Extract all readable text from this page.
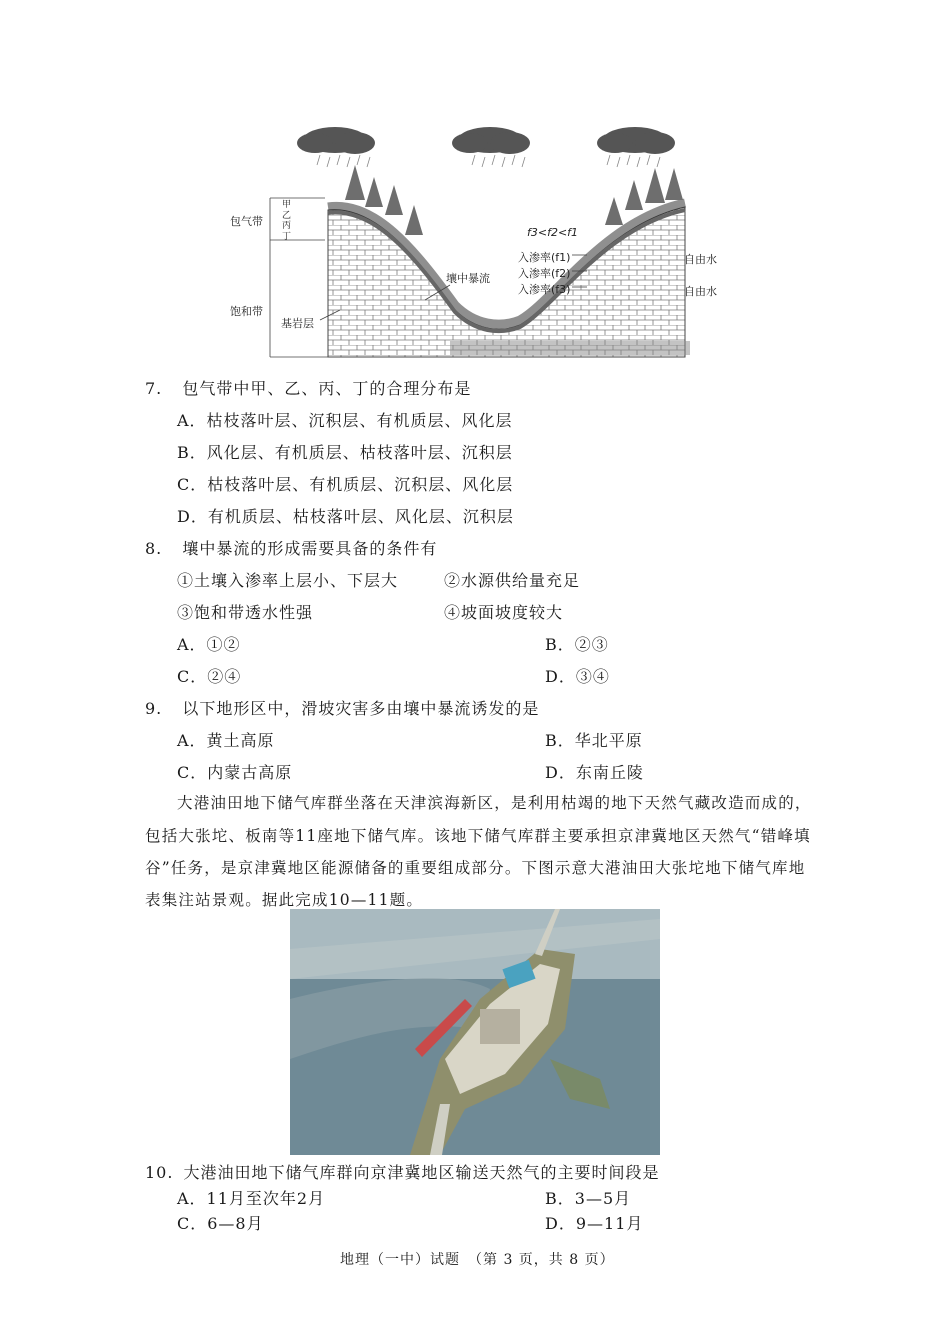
包气带
饱和带
基岩层
甲
乙
丙
丁
壤中暴流
f3<f2<f1
入渗率(f1)
入渗率(f2)
入渗率(f3)
自由水
自由水
7. 包气带中甲、乙、丙、丁的合理分布是
A．枯枝落叶层、沉积层、有机质层、风化层
B．风化层、有机质层、枯枝落叶层、沉积层
C．枯枝落叶层、有机质层、沉积层、风化层
D．有机质层、枯枝落叶层、风化层、沉积层
8. 壤中暴流的形成需要具备的条件有
①土壤入渗率上层小、下层大	②水源供给量充足
③饱和带透水性强	④坡面坡度较大
A．①②	B．②③
C．②④	D．③④
9. 以下地形区中，滑坡灾害多由壤中暴流诱发的是
A．黄土高原	B．华北平原
C．内蒙古高原	D．东南丘陵
大港油田地下储气库群坐落在天津滨海新区，是利用枯竭的地下天然气藏改造而成的，
包括大张坨、板南等11座地下储气库。该地下储气库群主要承担京津冀地区天然气“错峰填
谷”任务，是京津冀地区能源储备的重要组成部分。下图示意大港油田大张坨地下储气库地
表集注站景观。据此完成10—11题。
10. 大港油田地下储气库群向京津冀地区输送天然气的主要时间段是
A．11月至次年2月	B．3—5月
C．6—8月	D．9—11月
地理（一中）试题　（第 3 页，共 8 页）
